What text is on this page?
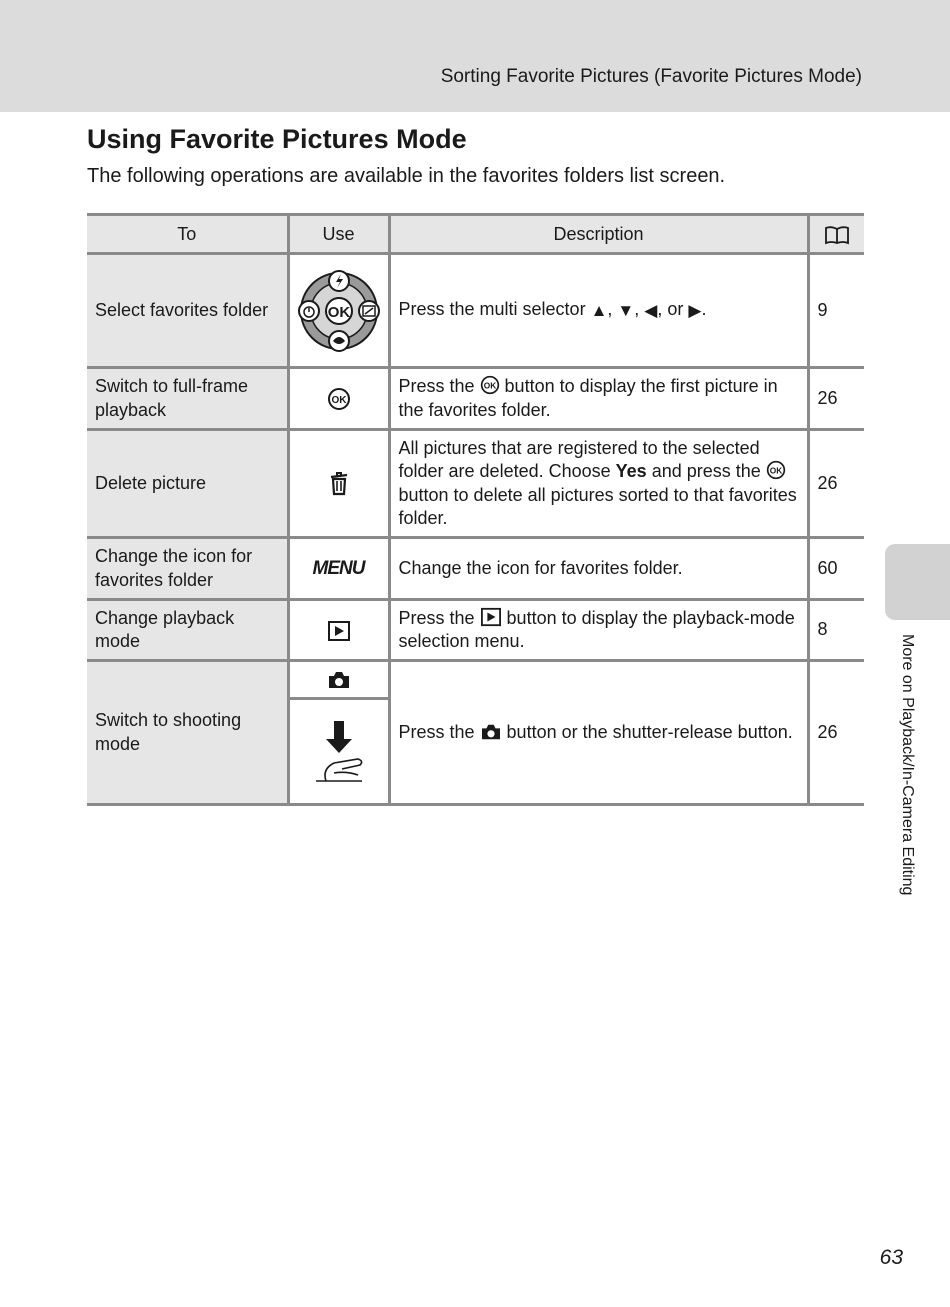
Sorting Favorite Pictures (Favorite Pictures Mode)
Using Favorite Pictures Mode

The following operations are available in the favorites folders list screen.

To	Use	Description	
Select favorites folder	OK	Press the multi selector ▲, ▼, ◀, or ▶.	9
Switch to full-frame playback	OK	Press the OK button to display the first picture in the favorites folder.	26
Delete picture		All pictures that are registered to the selected folder are deleted. Choose Yes and press the OK
button to delete all pictures sorted to that favorites folder.	26
Change the icon for favorites folder	MENU	Change the icon for favorites folder.	60
Change playback mode		Press the  button to display the playback-mode selection menu.	8
Switch to shooting mode		Press the  button or the shutter-release button.	26	More on Playback/In-Camera Editing
63
